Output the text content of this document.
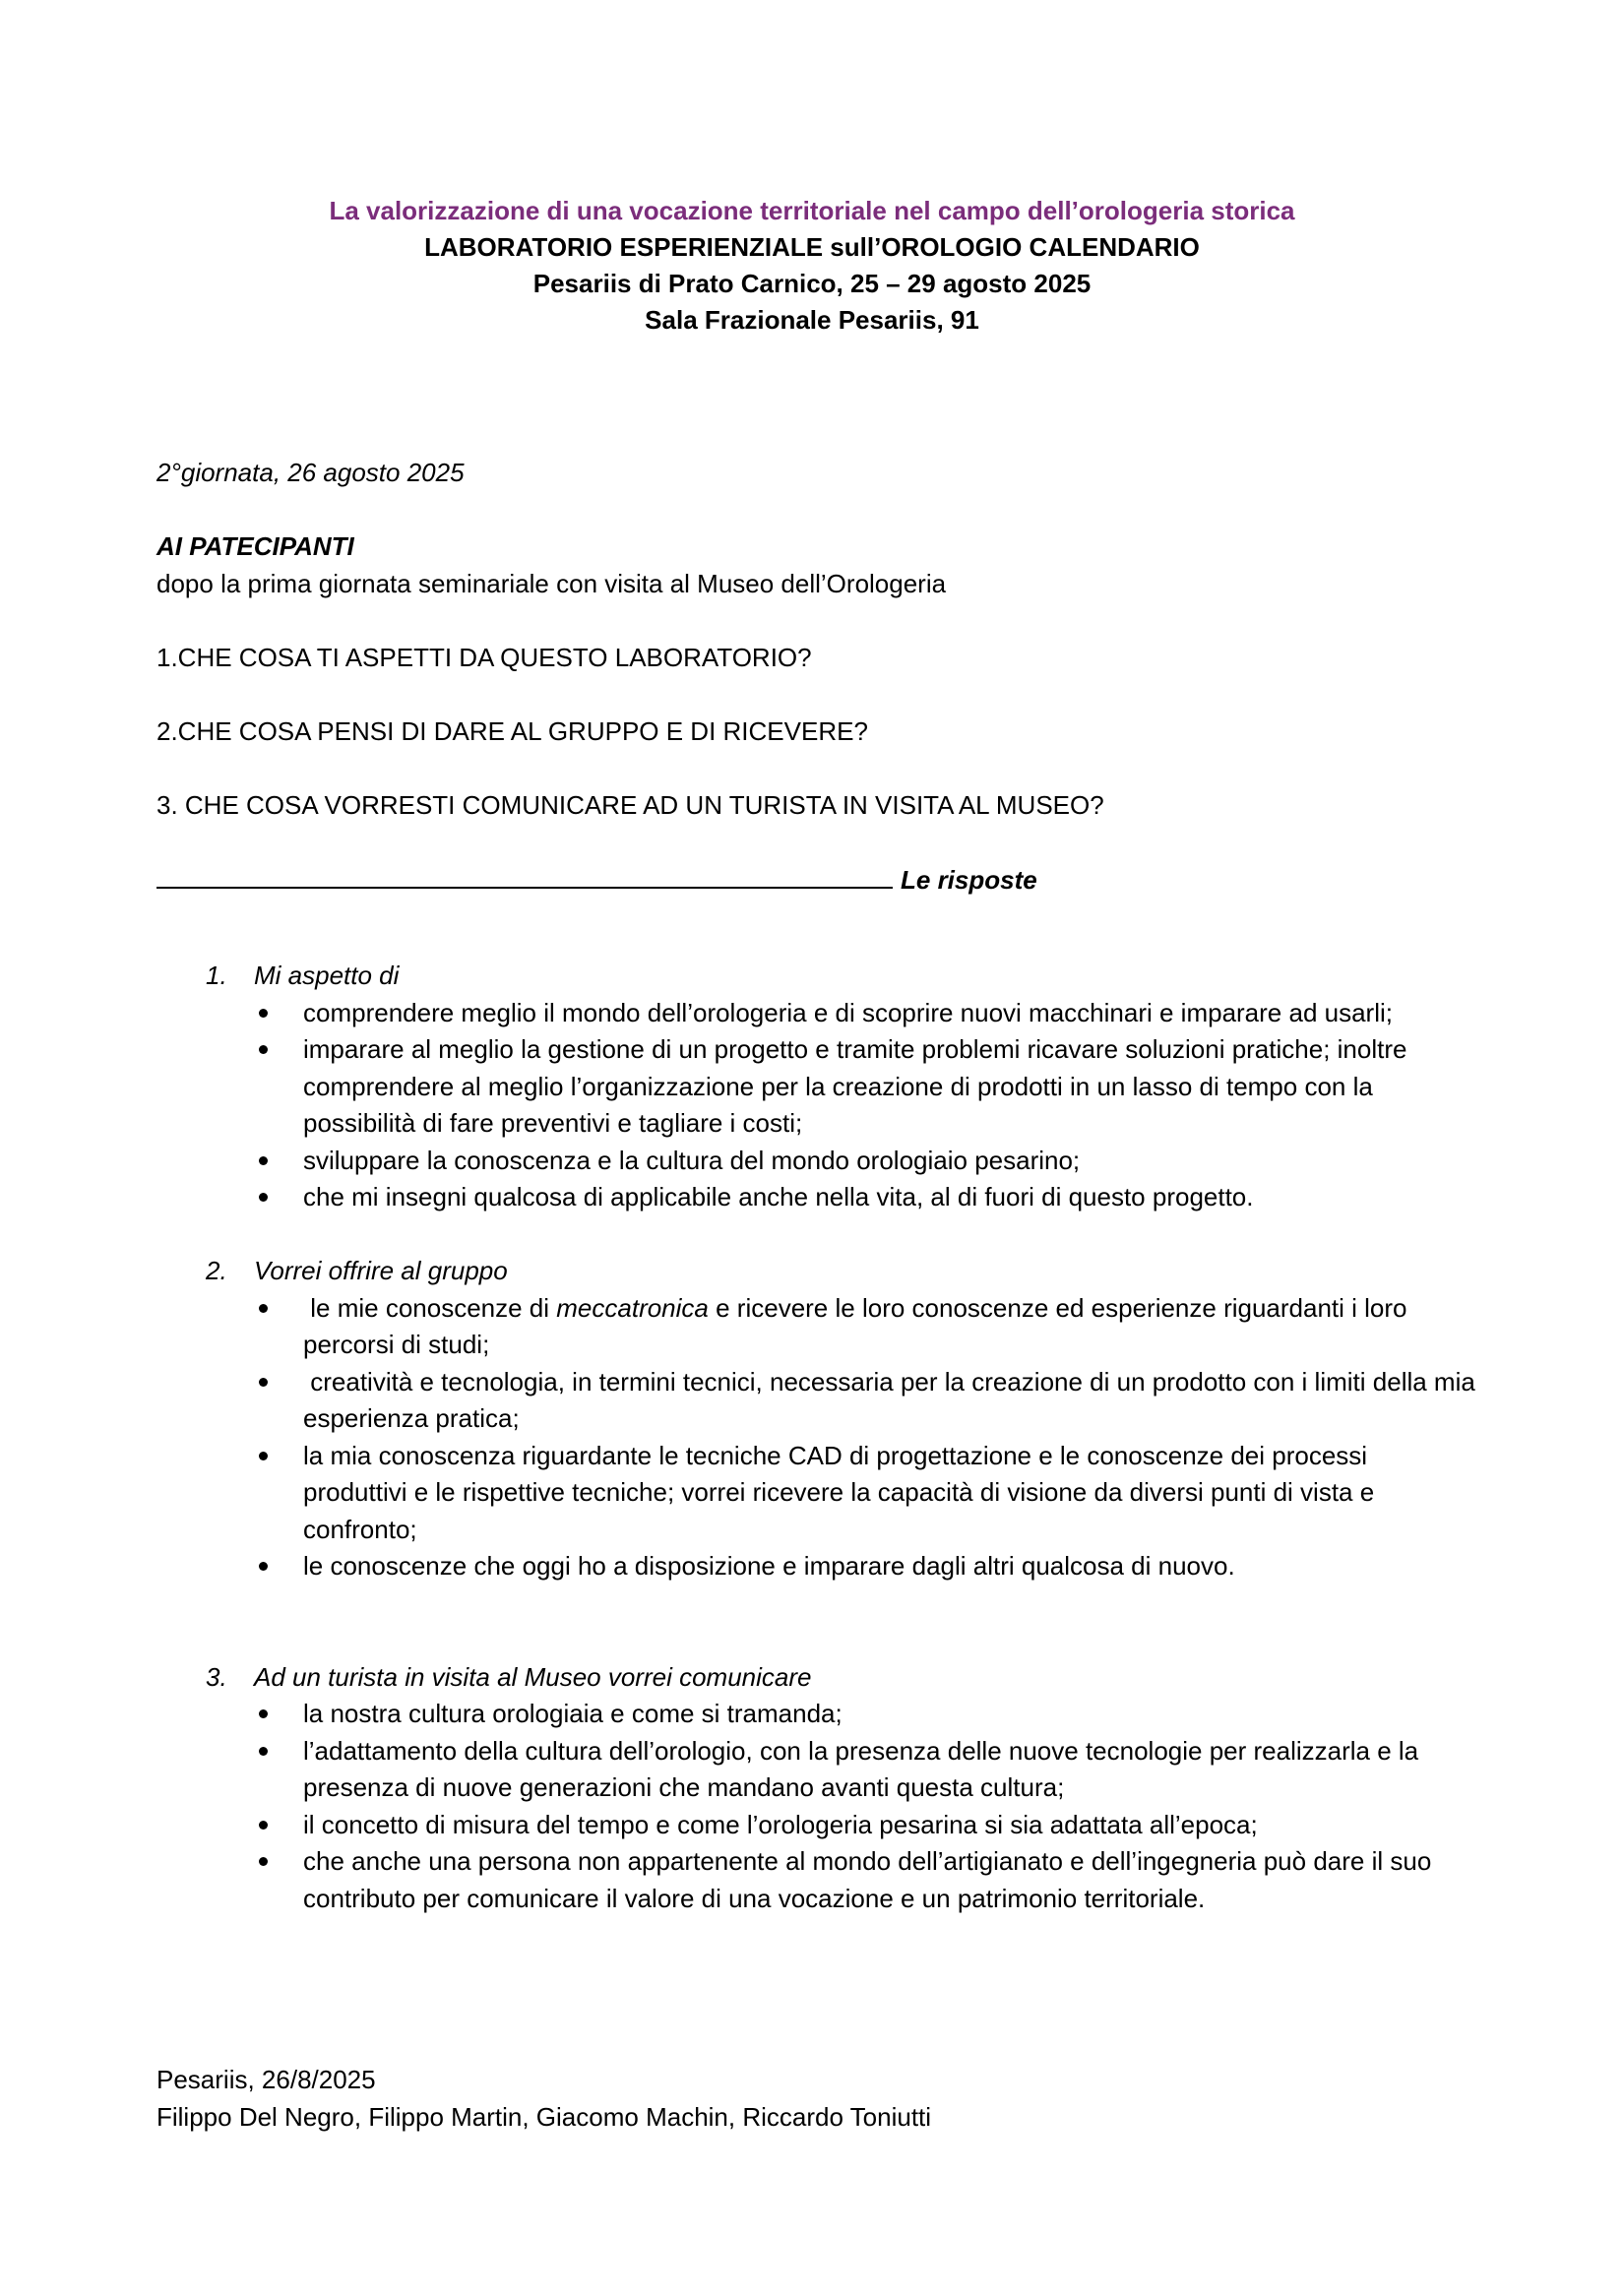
La valorizzazione di una vocazione territoriale nel campo dell’orologeria storica
LABORATORIO ESPERIENZIALE sull’OROLOGIO CALENDARIO
Pesariis di Prato Carnico, 25 – 29 agosto 2025
Sala Frazionale Pesariis, 91

2°giornata, 26 agosto 2025

AI PATECIPANTI

dopo la prima giornata seminariale con visita al Museo dell’Orologeria

1.CHE COSA TI ASPETTI DA QUESTO LABORATORIO?

2.CHE COSA PENSI DI DARE AL GRUPPO E DI RICEVERE?

3. CHE COSA VORRESTI COMUNICARE AD UN TURISTA IN VISITA AL MUSEO?

Le risposte

1. Mi aspetto di
comprendere meglio il mondo dell’orologeria e di scoprire nuovi macchinari e imparare ad usarli;
imparare al meglio la gestione di un progetto e tramite problemi ricavare soluzioni pratiche; inoltre comprendere al meglio l’organizzazione per la creazione di prodotti in un lasso di tempo con la possibilità di fare preventivi e tagliare i costi;
sviluppare la conoscenza e la cultura del mondo orologiaio pesarino;
che mi insegni qualcosa di applicabile anche nella vita, al di fuori di questo progetto.
2. Vorrei offrire al gruppo
le mie conoscenze di meccatronica e ricevere le loro conoscenze ed esperienze riguardanti i loro percorsi di studi;
creatività e tecnologia, in termini tecnici, necessaria per la creazione di un prodotto con i limiti della mia esperienza pratica;
la mia conoscenza riguardante le tecniche CAD di progettazione e le conoscenze dei processi produttivi e le rispettive tecniche; vorrei ricevere la capacità di visione da diversi punti di vista e confronto;
le conoscenze che oggi ho a disposizione e imparare dagli altri qualcosa di nuovo.
3. Ad un turista in visita al Museo vorrei comunicare
la nostra cultura orologiaia e come si tramanda;
l’adattamento della cultura dell’orologio, con la presenza delle nuove tecnologie per realizzarla e la presenza di nuove generazioni che mandano avanti questa cultura;
il concetto di misura del tempo e come l’orologeria pesarina si sia adattata all’epoca;
che anche una persona non appartenente al mondo dell’artigianato e dell’ingegneria può dare il suo contributo per comunicare il valore di una vocazione e un patrimonio territoriale.

Pesariis, 26/8/2025

Filippo Del Negro, Filippo Martin, Giacomo Machin, Riccardo Toniutti
